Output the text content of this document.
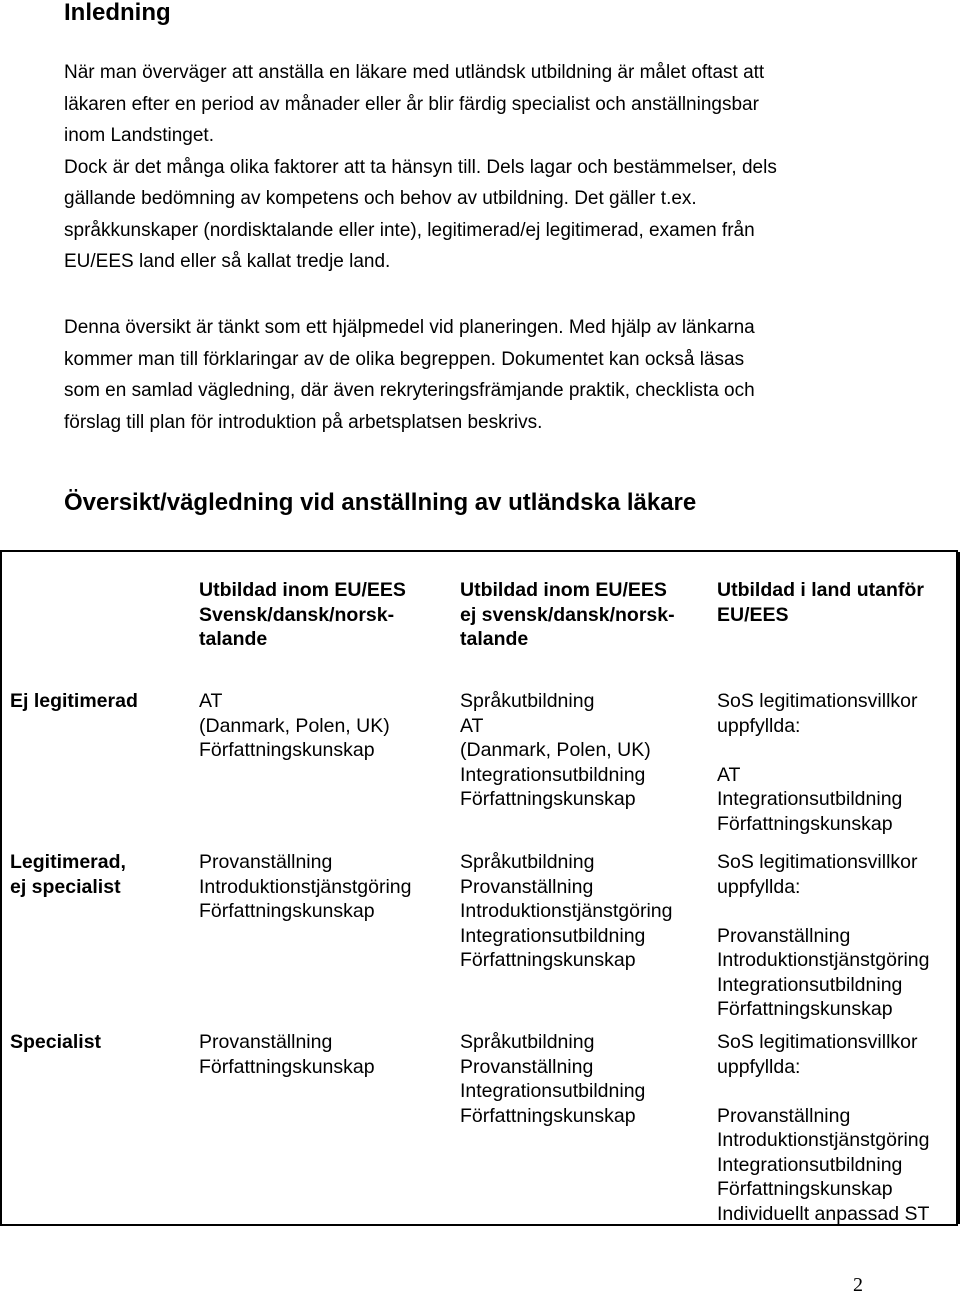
Inledning
När man överväger att anställa en läkare med utländsk utbildning är målet oftast att
läkaren efter en period av månader eller år blir färdig specialist och anställningsbar
inom Landstinget.
Dock är det många olika faktorer att ta hänsyn till. Dels lagar och bestämmelser, dels
gällande bedömning av kompetens och behov av utbildning. Det gäller t.ex.
språkkunskaper (nordisktalande eller inte), legitimerad/ej legitimerad, examen från
EU/EES land eller så kallat tredje land.
Denna översikt är tänkt som ett hjälpmedel vid planeringen. Med hjälp av länkarna
kommer man till förklaringar av de olika begreppen. Dokumentet kan också läsas
som en samlad vägledning, där även rekryteringsfrämjande praktik, checklista och
förslag till plan för introduktion på arbetsplatsen beskrivs.
Översikt/vägledning vid anställning av utländska läkare
Utbildad inom EU/EES
Svensk/dansk/norsk-
talande
Utbildad inom EU/EES
ej svensk/dansk/norsk-
talande
Utbildad i land utanför
EU/EES
Ej legitimerad	AT
(Danmark, Polen, UK)
Författningskunskap
Språkutbildning
AT
(Danmark, Polen, UK)
Integrationsutbildning
Författningskunskap
SoS legitimationsvillkor
uppfyllda:
AT
Integrationsutbildning
Författningskunskap
Legitimerad,
ej specialist
Provanställning
Introduktionstjänstgöring
Författningskunskap
Språkutbildning
Provanställning
Introduktionstjänstgöring
Integrationsutbildning
Författningskunskap
SoS legitimationsvillkor
uppfyllda:
Provanställning
Introduktionstjänstgöring
Integrationsutbildning
Författningskunskap
Specialist	Provanställning
Författningskunskap
Språkutbildning
Provanställning
Integrationsutbildning
Författningskunskap
SoS legitimationsvillkor
uppfyllda:
Provanställning
Introduktionstjänstgöring
Integrationsutbildning
Författningskunskap
Individuellt anpassad ST
2
